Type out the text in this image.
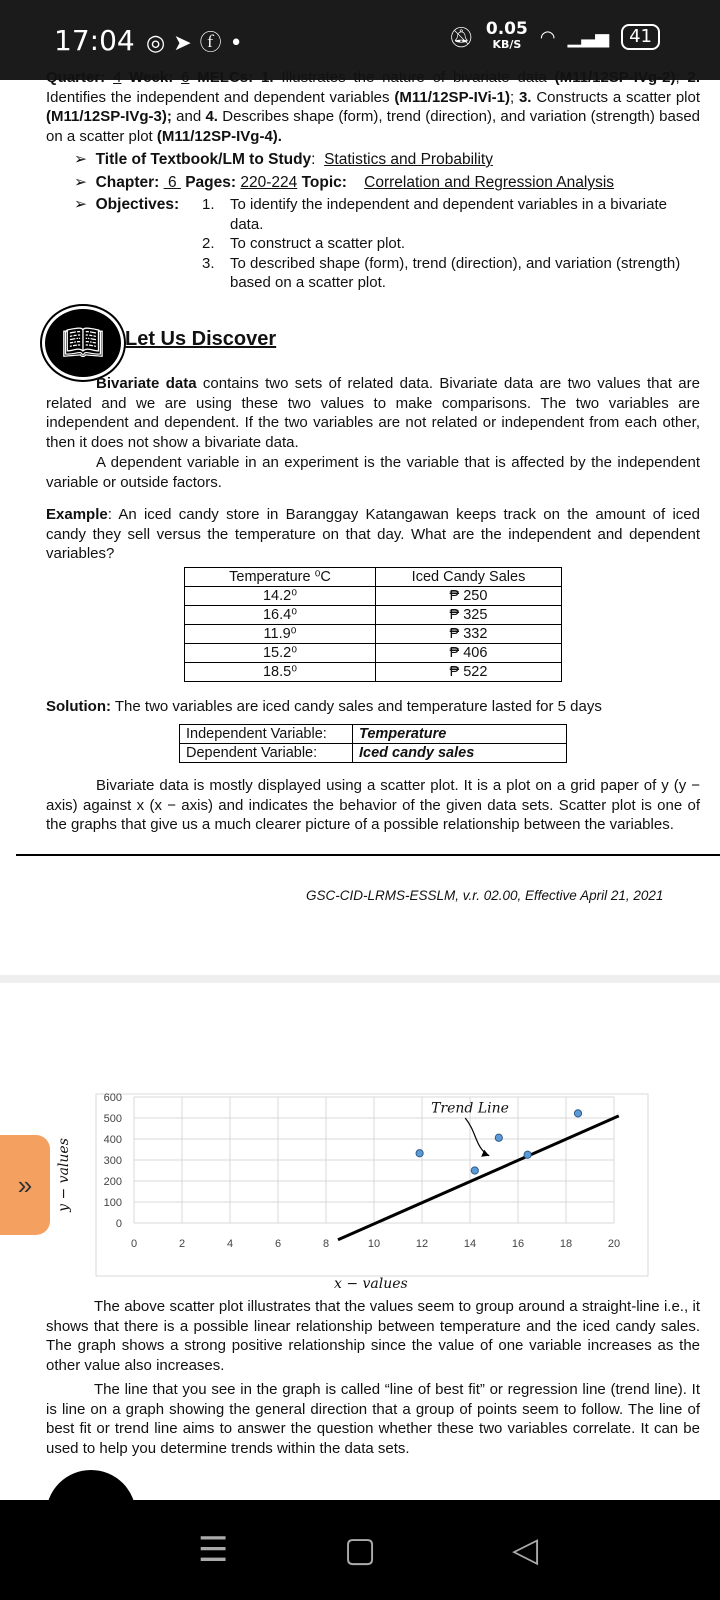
17:04 ◎➤ⓕ•	🔕︎ 0.05
KB/S	◠ ▁▃▅	41
Quarter: 4 Week: 6 MELCs: 1. Illustrates the nature of bivariate data (M11/12SP-IVg-2); 2. Identifies the independent and dependent variables (M11/12SP-IVi-1); 3. Constructs a scatter plot (M11/12SP-IVg-3); and 4. Describes shape (form), trend (direction), and variation (strength) based on a scatter plot (M11/12SP-IVg-4).
➢  Title of Textbook/LM to Study:  Statistics and Probability
➢  Chapter: 6 Pages: 220-224 Topic: Correlation and Regression Analysis
➢  Objectives: 1.	To identify the independent and dependent variables in a bivariate data.
2.	To construct a scatter plot.
3.	To described shape (form), trend (direction), and variation (strength) based on a scatter plot.
📖︎	Let Us Discover
Bivariate data contains two sets of related data. Bivariate data are two values that are related and we are using these two values to make comparisons. The two variables are independent and dependent. If the two variables are not related or independent from each other, then it does not show a bivariate data.
A dependent variable in an experiment is the variable that is affected by the independent variable or outside factors.
Example: An iced candy store in Baranggay Katangawan keeps track on the amount of iced candy they sell versus the temperature on that day. What are the independent and dependent variables?
Temperature ⁰C	Iced Candy Sales
14.2⁰	₱ 250
16.4⁰	₱ 325
11.9⁰	₱ 332
15.2⁰	₱ 406
18.5⁰	₱ 522
Solution: The two variables are iced candy sales and temperature lasted for 5 days
Independent Variable:	Temperature
Dependent Variable:	Iced candy sales
Bivariate data is mostly displayed using a scatter plot. It is a plot on a grid paper of y (y − axis) against x (x − axis) and indicates the behavior of the given data sets. Scatter plot is one of the graphs that give us a much clearer picture of a possible relationship between the variables.
GSC-CID-LRMS-ESSLM, v.r. 02.00, Effective April 21, 2021
0	2	4	6	8	10	12	14	16	18	20
0
100
200
300
400
500
600
Trend Line
y − values
x − values
»
The above scatter plot illustrates that the values seem to group around a straight-line i.e., it shows that there is a possible linear relationship between temperature and the iced candy sales. The graph shows a strong positive relationship since the value of one variable increases as the other value also increases.
The line that you see in the graph is called “line of best fit” or regression line (trend line). It is line on a graph showing the general direction that a group of points seem to follow. The line of best fit or trend line aims to answer the question whether these two variables correlate. It can be used to help you determine trends within the data sets.
☰	▢	◁
